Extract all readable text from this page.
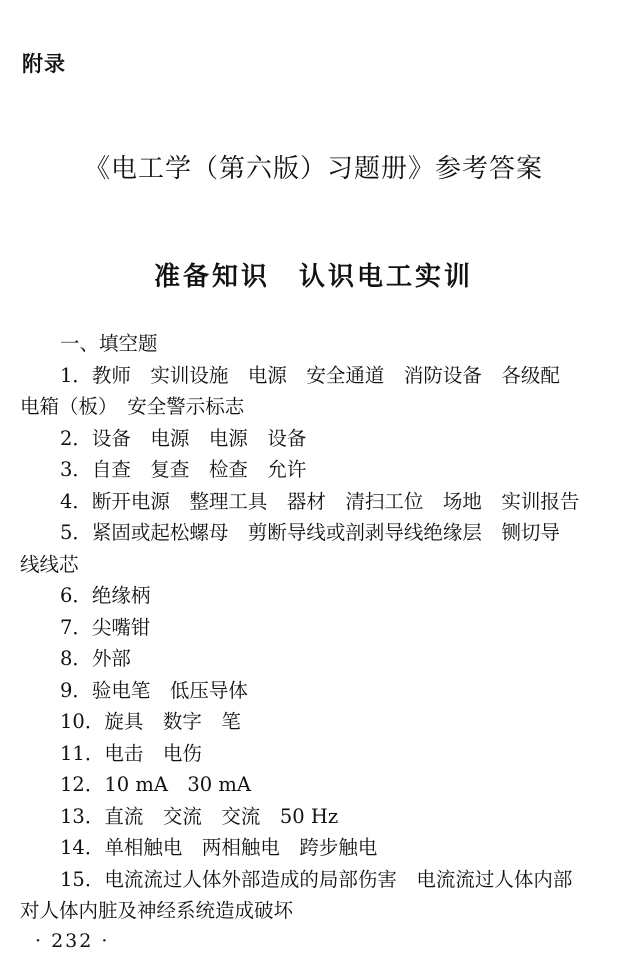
附录
《电工学（第六版）习题册》参考答案
准备知识　认识电工实训
一、填空题
1．教师　实训设施　电源　安全通道　消防设备　各级配
电箱（板）　安全警示标志
2．设备　电源　电源　设备
3．自查　复查　检查　允许
4．断开电源　整理工具　器材　清扫工位　场地　实训报告
5．紧固或起松螺母　剪断导线或剖剥导线绝缘层　铡切导
线线芯
6．绝缘柄
7．尖嘴钳
8．外部
9．验电笔　低压导体
10．旋具　数字　笔
11．电击　电伤
12．10 mA　30 mA
13．直流　交流　交流　50 Hz
14．单相触电　两相触电　跨步触电
15．电流流过人体外部造成的局部伤害　电流流过人体内部
对人体内脏及神经系统造成破坏
· 232 ·
